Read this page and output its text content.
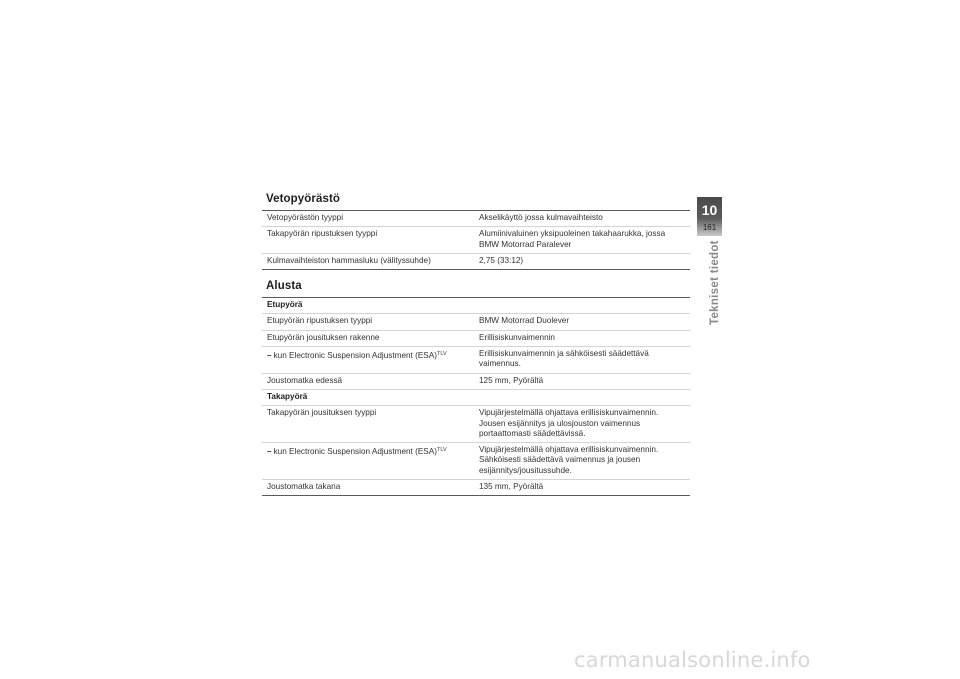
Vetopyörästö
Vetopyörästön tyyppi	Akselikäyttö jossa kulmavaihteisto
Takapyörän ripustuksen tyyppi	Alumiinivaluinen yksipuoleinen takahaarukka, jossa BMW Motorrad Paralever
Kulmavaihteiston hammasluku (välityssuhde)	2,75 (33:12)
Alusta
Etupyörä	
Etupyörän ripustuksen tyyppi	BMW Motorrad Duolever
Etupyörän jousituksen rakenne	Erillisiskunvaimennin
– kun Electronic Suspension Adjustment (ESA)$^{TLV}$	Erillisiskunvaimennin ja sähköisesti säädettävä vaimennus.
Joustomatka edessä	125 mm, Pyörältä
Takapyörä	
Takapyörän jousituksen tyyppi	Vipujärjestelmällä ohjattava erillisiskunvaimennin. Jousen esijännitys ja ulosjouston vaimennus portaattomasti säädettävissä.
– kun Electronic Suspension Adjustment (ESA)$^{TLV}$	Vipujärjestelmällä ohjattava erillisiskunvaimennin. Sähköisesti säädettävä vaimennus ja jousen esijännitys/jousitussuhde.
Joustomatka takana	135 mm, Pyörältä
10
161
Tekniset tiedot
carmanualsonline.info
